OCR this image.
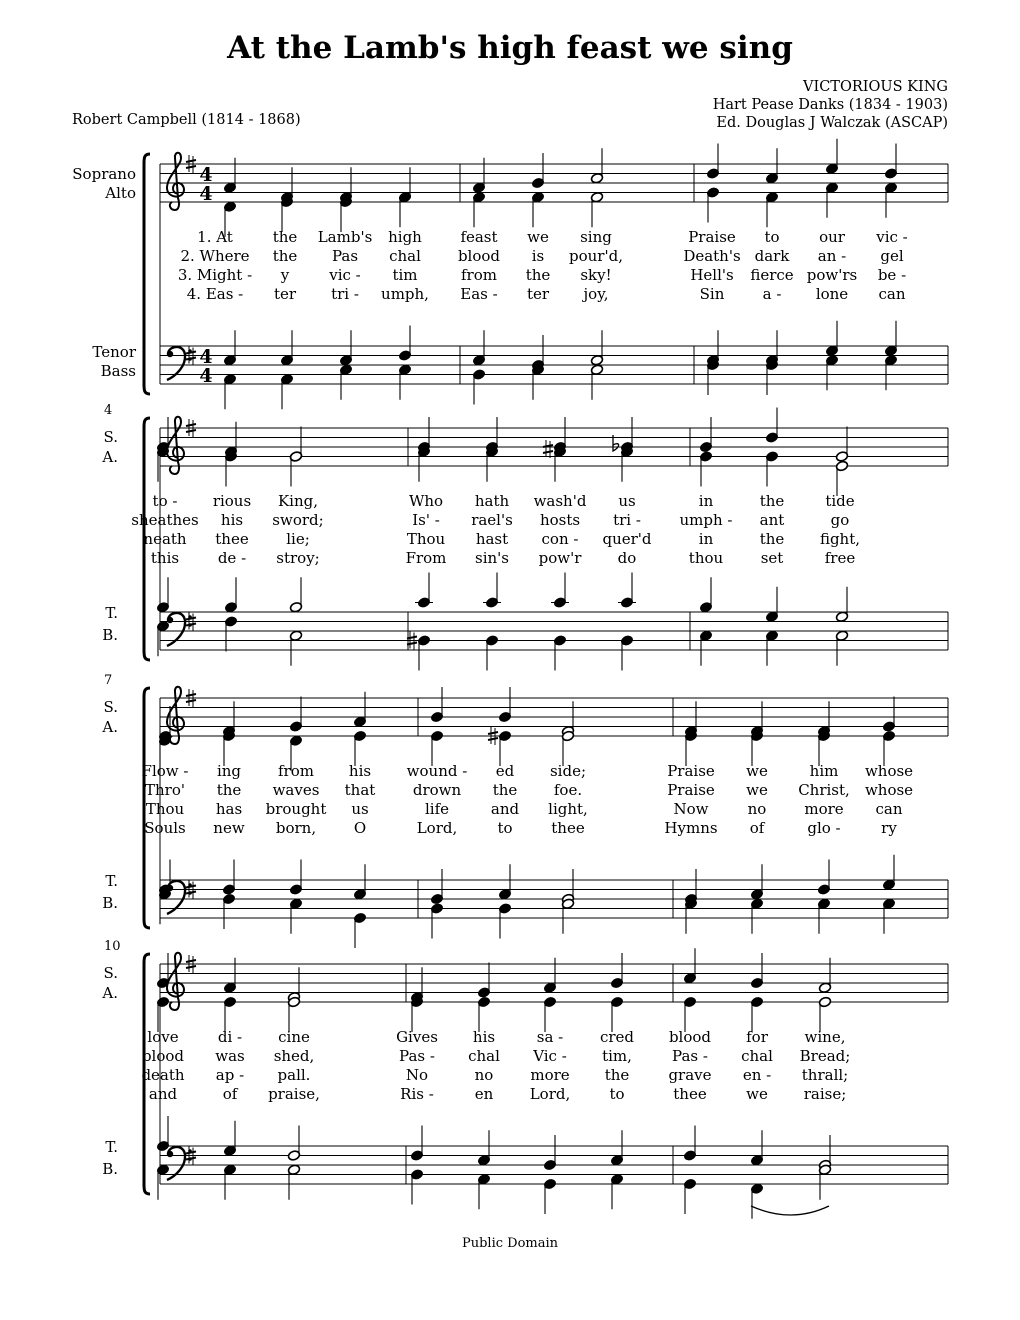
At the Lamb's high feast we sing
VICTORIOUS KING
Hart Pease Danks (1834 - 1903)
Ed. Douglas J Walczak (ASCAP)
Robert Campbell (1814 - 1868)
Public Domain
4
4
4
4
Soprano
Alto
Tenor
Bass
1. At	the Lamb's high	feast we sing	Praise to	our vic -
2. Where the Pas chal blood is pour'd,	Death's dark an - gel
3. Might - y	vic - tim	from the sky!	Hell's fierce pow'rs be -
4. Eas - ter tri - umph, Eas - ter joy,	Sin	a - lone can
S.
A.
T.
B.
4
to - rious King,	Who hath wash'd us	in	the	tide
sheathes his sword;	Is' - rael's hosts tri -	umph - ant	go
neath thee	lie;	Thou hast con - quer'd	in	the fight,
this	de - stroy;	From sin's pow'r do	thou	set	free
S.
A.
T.
B.
7
Flow - ing from his wound - ed side;	Praise we	him whose
Thro' the waves that	drown the foe.	Praise we Christ, whose
Thou has brought us	life	and light,	Now	no	more can
Souls new born,	O	Lord,	to	thee	Hymns of	glo -	ry
S.
A.
T.
B.
10
love	di - cine	Gives his	sa - cred blood for wine,
blood was shed,	Pas - chal Vic - tim,	Pas - chal Bread;
death ap - pall.	No	no more the	grave en - thrall;
and	of praise,	Ris -	en Lord,	to	thee	we raise;
